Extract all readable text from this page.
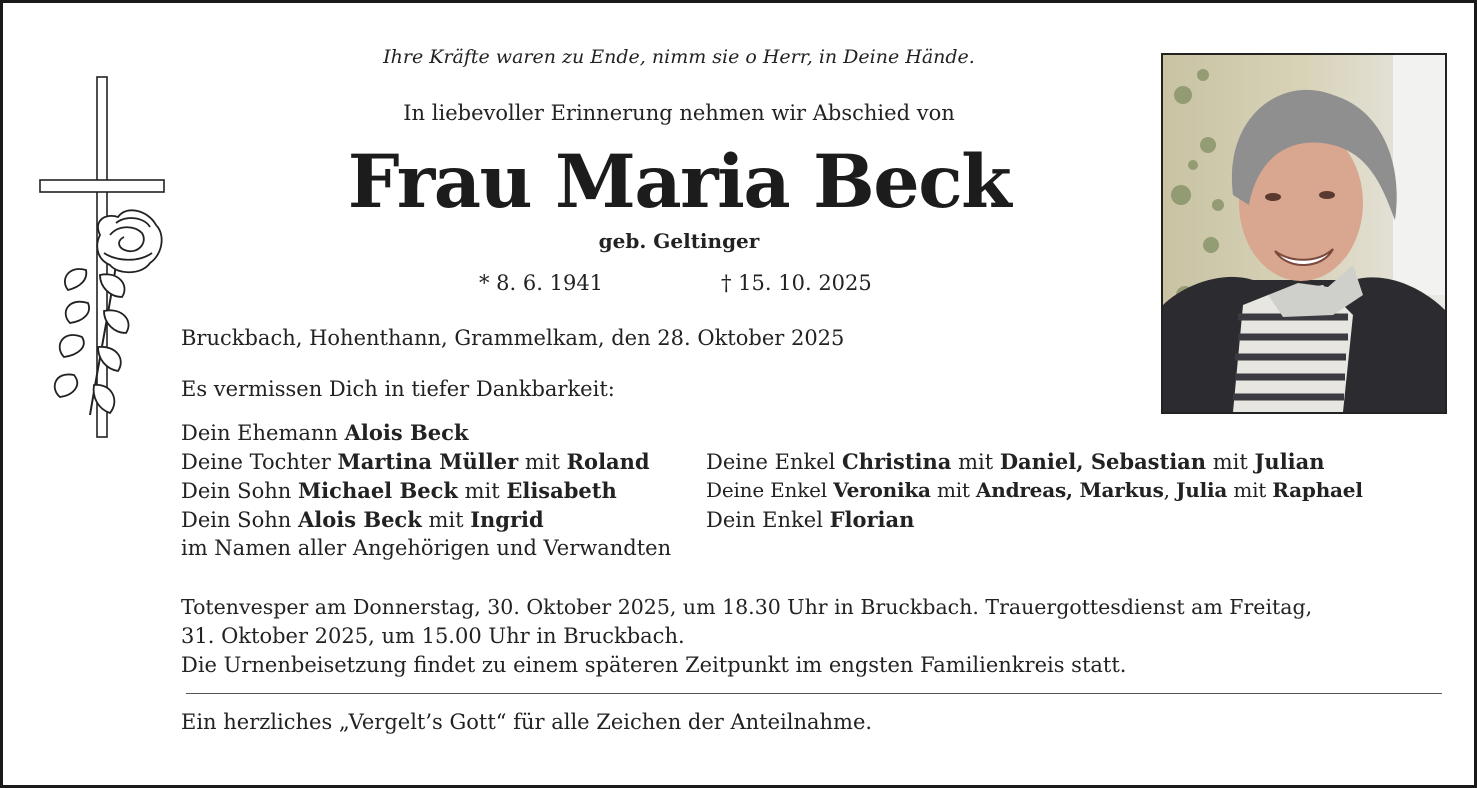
Ihre Kräfte waren zu Ende, nimm sie o Herr, in Deine Hände.
In liebevoller Erinnerung nehmen wir Abschied von
Frau Maria Beck
geb. Geltinger
* 8. 6. 1941	† 15. 10. 2025
Bruckbach, Hohenthann, Grammelkam, den 28. Oktober 2025
Es vermissen Dich in tiefer Dankbarkeit:
Dein Ehemann Alois Beck
Deine Tochter Martina Müller mit Roland
Dein Sohn Michael Beck mit Elisabeth
Dein Sohn Alois Beck mit Ingrid
im Namen aller Angehörigen und Verwandten
Deine Enkel Christina mit Daniel, Sebastian mit Julian
Deine Enkel Veronika mit Andreas, Markus, Julia mit Raphael
Dein Enkel Florian
Totenvesper am Donnerstag, 30. Oktober 2025, um 18.30 Uhr in Bruckbach. Trauergottesdienst am Freitag,
31. Oktober 2025, um 15.00 Uhr in Bruckbach.
Die Urnenbeisetzung findet zu einem späteren Zeitpunkt im engsten Familienkreis statt.
Ein herzliches „Vergelt’s Gott“ für alle Zeichen der Anteilnahme.
